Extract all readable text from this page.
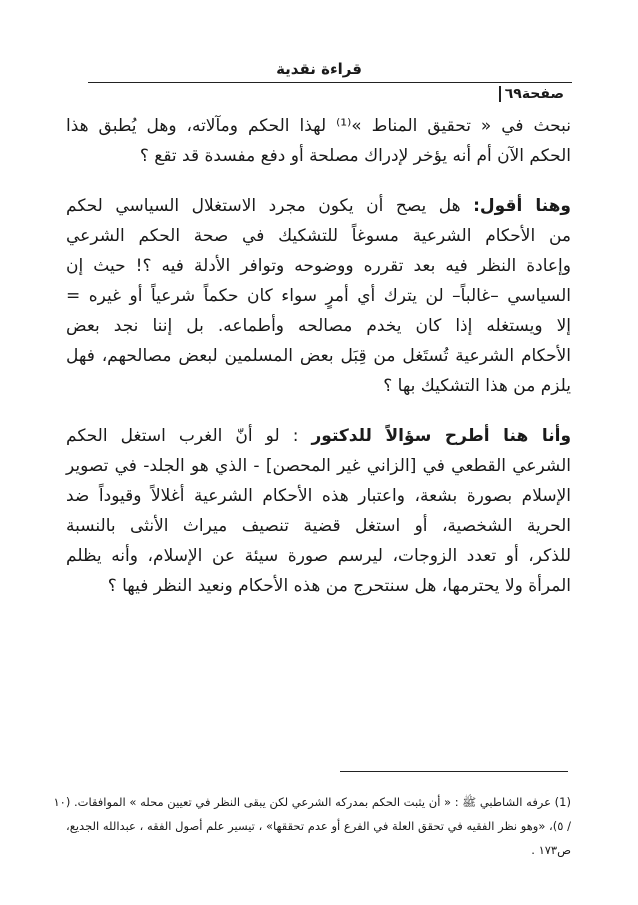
قراءة نقدية
صفحة٦٩
نبحث في « تحقيق المناط »⁽¹⁾ لهذا الحكم ومآلاته، وهل يُطبق هذا
الحكم الآن أم أنه يؤخر لإدراك مصلحة أو دفع مفسدة قد تقع ؟
وهنا أقول: هل يصح أن يكون مجرد الاستغلال السياسي لحكم
من الأحكام الشرعية مسوغاً للتشكيك في صحة الحكم الشرعي
وإعادة النظر فيه بعد تقرره ووضوحه وتوافر الأدلة فيه ؟! حيث إن
السياسي –غالباً– لن يترك أي أمرٍ سواء كان حكماً شرعياً أو غيره =
إلا ويستغله إذا كان يخدم مصالحه وأطماعه. بل إننا نجد بعض
الأحكام الشرعية تُستَغل من قِبَل بعض المسلمين لبعض مصالحهم، فهل
يلزم من هذا التشكيك بها ؟
وأنا هنا أطرح سؤالاً للدكتور : لو أنّ الغرب استغل الحكم
الشرعي القطعي في [الزاني غير المحصن] - الذي هو الجلد- في تصوير
الإسلام بصورة بشعة، واعتبار هذه الأحكام الشرعية أغلالاً وقيوداً ضد
الحرية الشخصية، أو استغل قضية تنصيف ميراث الأنثى بالنسبة
للذكر، أو تعدد الزوجات، ليرسم صورة سيئة عن الإسلام، وأنه يظلم
المرأة ولا يحترمها، هل سنتحرج من هذه الأحكام ونعيد النظر فيها ؟
(1) عرفه الشاطبي ﷺ : « أن يثبت الحكم بمدركه الشرعي لكن يبقى النظر في تعيين محله » الموافقات. (١٠
/ ٥)، «وهو نظر الفقيه في تحقق العلة في الفرع أو عدم تحققها» ، تيسير علم أصول الفقه ، عبدالله الجديع،
ص١٧٣ .
